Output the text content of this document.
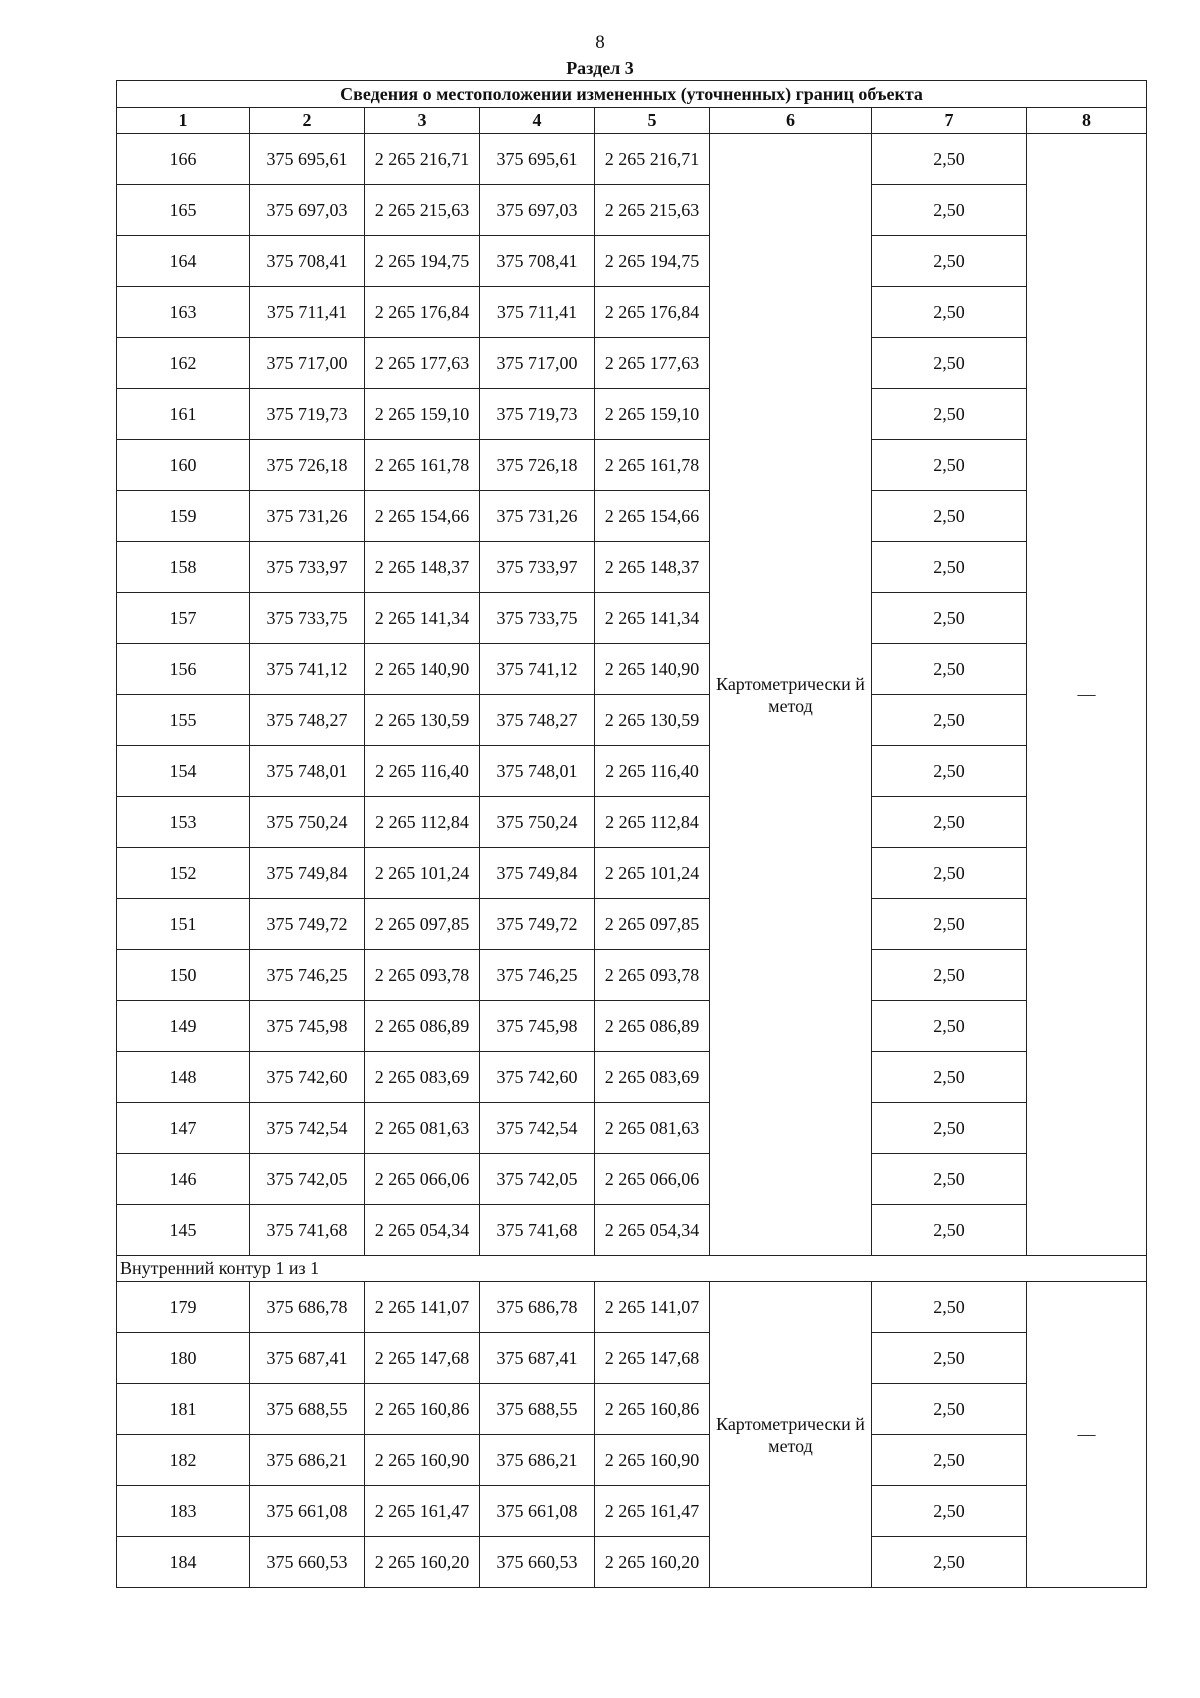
8
Раздел 3
Сведения о местоположении измененных (уточненных) границ объекта							
1	2	3	4	5	6	7	8
166	375 695,61	2 265 216,71	375 695,61	2 265 216,71	Картометрически й метод	2,50	—
165	375 697,03	2 265 215,63	375 697,03	2 265 215,63		2,50	
164	375 708,41	2 265 194,75	375 708,41	2 265 194,75		2,50	
163	375 711,41	2 265 176,84	375 711,41	2 265 176,84		2,50	
162	375 717,00	2 265 177,63	375 717,00	2 265 177,63		2,50	
161	375 719,73	2 265 159,10	375 719,73	2 265 159,10		2,50	
160	375 726,18	2 265 161,78	375 726,18	2 265 161,78		2,50	
159	375 731,26	2 265 154,66	375 731,26	2 265 154,66		2,50	
158	375 733,97	2 265 148,37	375 733,97	2 265 148,37		2,50	
157	375 733,75	2 265 141,34	375 733,75	2 265 141,34		2,50	
156	375 741,12	2 265 140,90	375 741,12	2 265 140,90		2,50	
155	375 748,27	2 265 130,59	375 748,27	2 265 130,59		2,50	
154	375 748,01	2 265 116,40	375 748,01	2 265 116,40		2,50	
153	375 750,24	2 265 112,84	375 750,24	2 265 112,84		2,50	
152	375 749,84	2 265 101,24	375 749,84	2 265 101,24		2,50	
151	375 749,72	2 265 097,85	375 749,72	2 265 097,85		2,50	
150	375 746,25	2 265 093,78	375 746,25	2 265 093,78		2,50	
149	375 745,98	2 265 086,89	375 745,98	2 265 086,89		2,50	
148	375 742,60	2 265 083,69	375 742,60	2 265 083,69		2,50	
147	375 742,54	2 265 081,63	375 742,54	2 265 081,63		2,50	
146	375 742,05	2 265 066,06	375 742,05	2 265 066,06		2,50	
145	375 741,68	2 265 054,34	375 741,68	2 265 054,34		2,50	
Внутренний контур 1 из 1							
179	375 686,78	2 265 141,07	375 686,78	2 265 141,07	Картометрически й метод	2,50	—
180	375 687,41	2 265 147,68	375 687,41	2 265 147,68		2,50	
181	375 688,55	2 265 160,86	375 688,55	2 265 160,86		2,50	
182	375 686,21	2 265 160,90	375 686,21	2 265 160,90		2,50	
183	375 661,08	2 265 161,47	375 661,08	2 265 161,47		2,50	
184	375 660,53	2 265 160,20	375 660,53	2 265 160,20		2,50	
